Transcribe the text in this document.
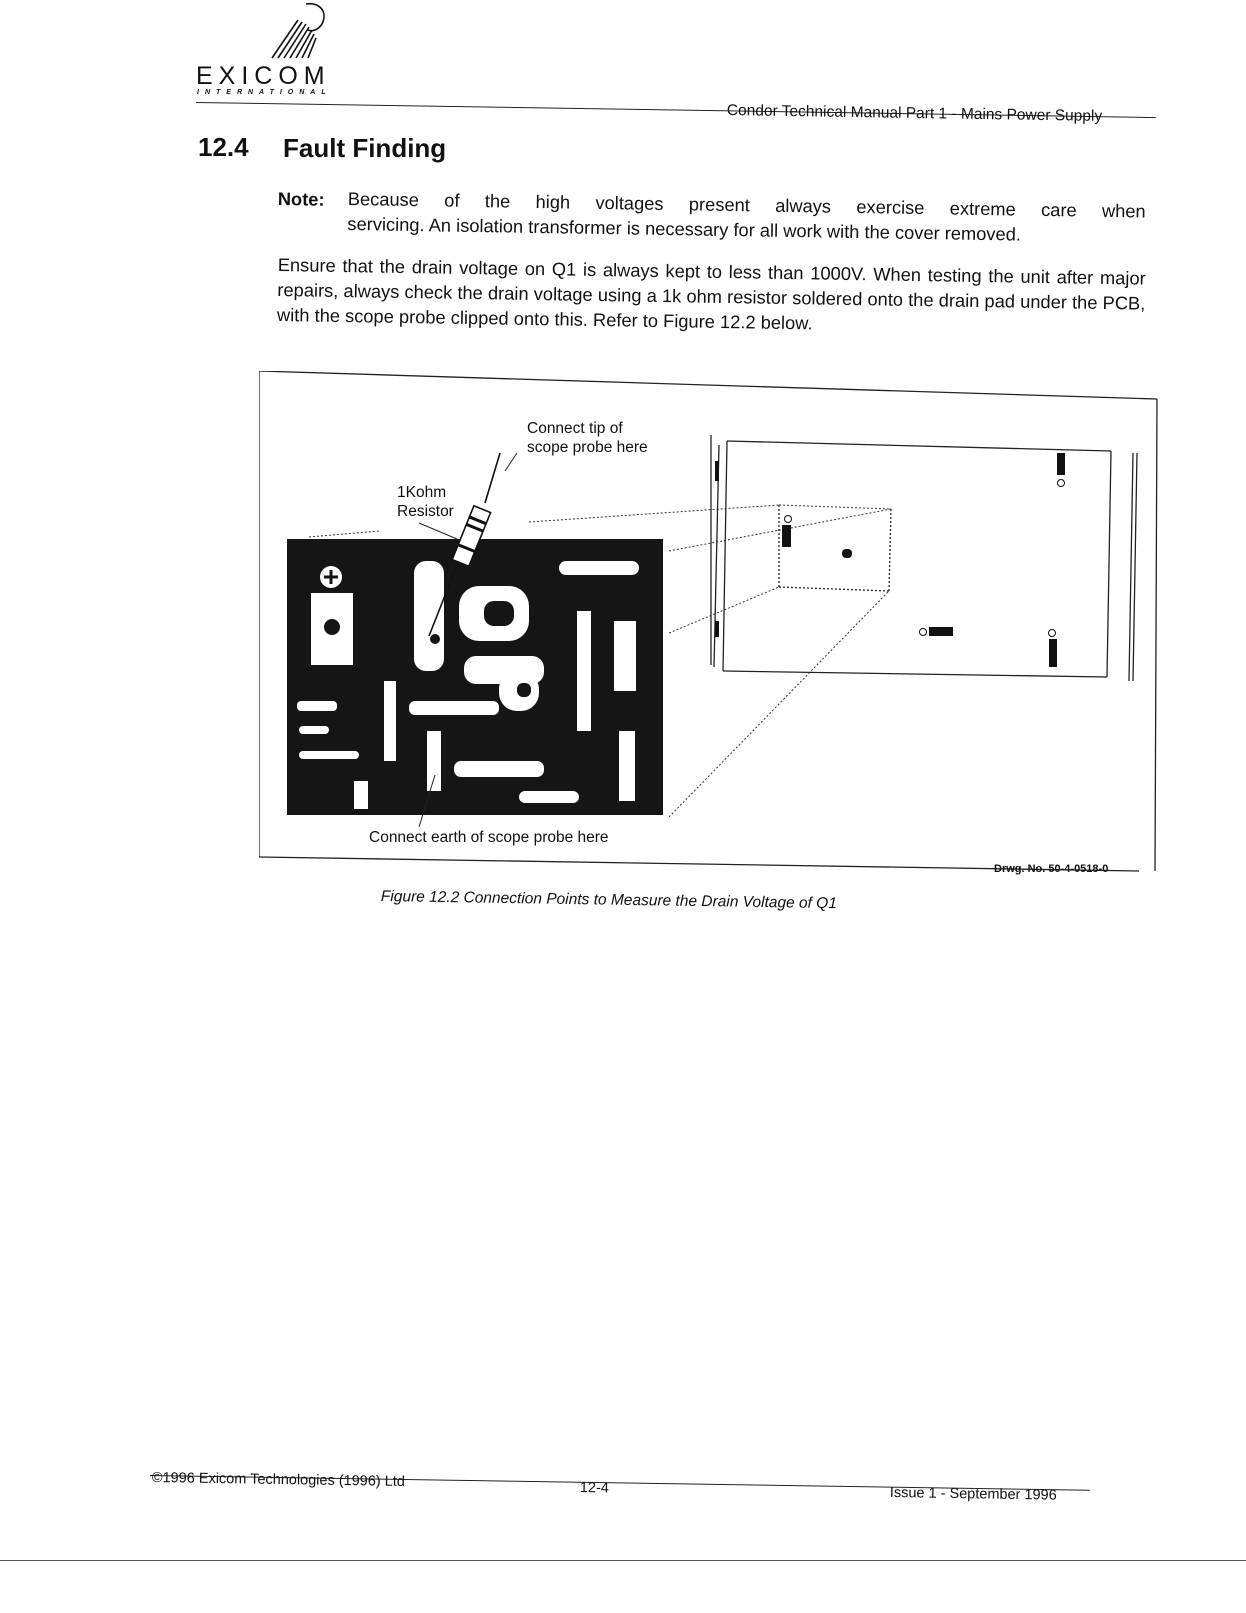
EXICOM
INTERNATIONAL
Condor Technical Manual Part 1 - Mains Power Supply
12.4 Fault Finding
Note: Because of the high voltages present always exercise extreme care when
servicing. An isolation transformer is necessary for all work with the cover removed.
Ensure that the drain voltage on Q1 is always kept to less than 1000V. When testing the unit after major repairs, always check the drain voltage using a 1k ohm resistor soldered onto the drain pad under the PCB, with the scope probe clipped onto this. Refer to Figure 12.2 below.
Connect tip of
scope probe here
1Kohm
Resistor
Connect earth of scope probe here
Drwg. No. 50-4-0518-0
Figure 12.2 Connection Points to Measure the Drain Voltage of Q1
©1996 Exicom Technologies (1996) Ltd	12-4	Issue 1 - September 1996
